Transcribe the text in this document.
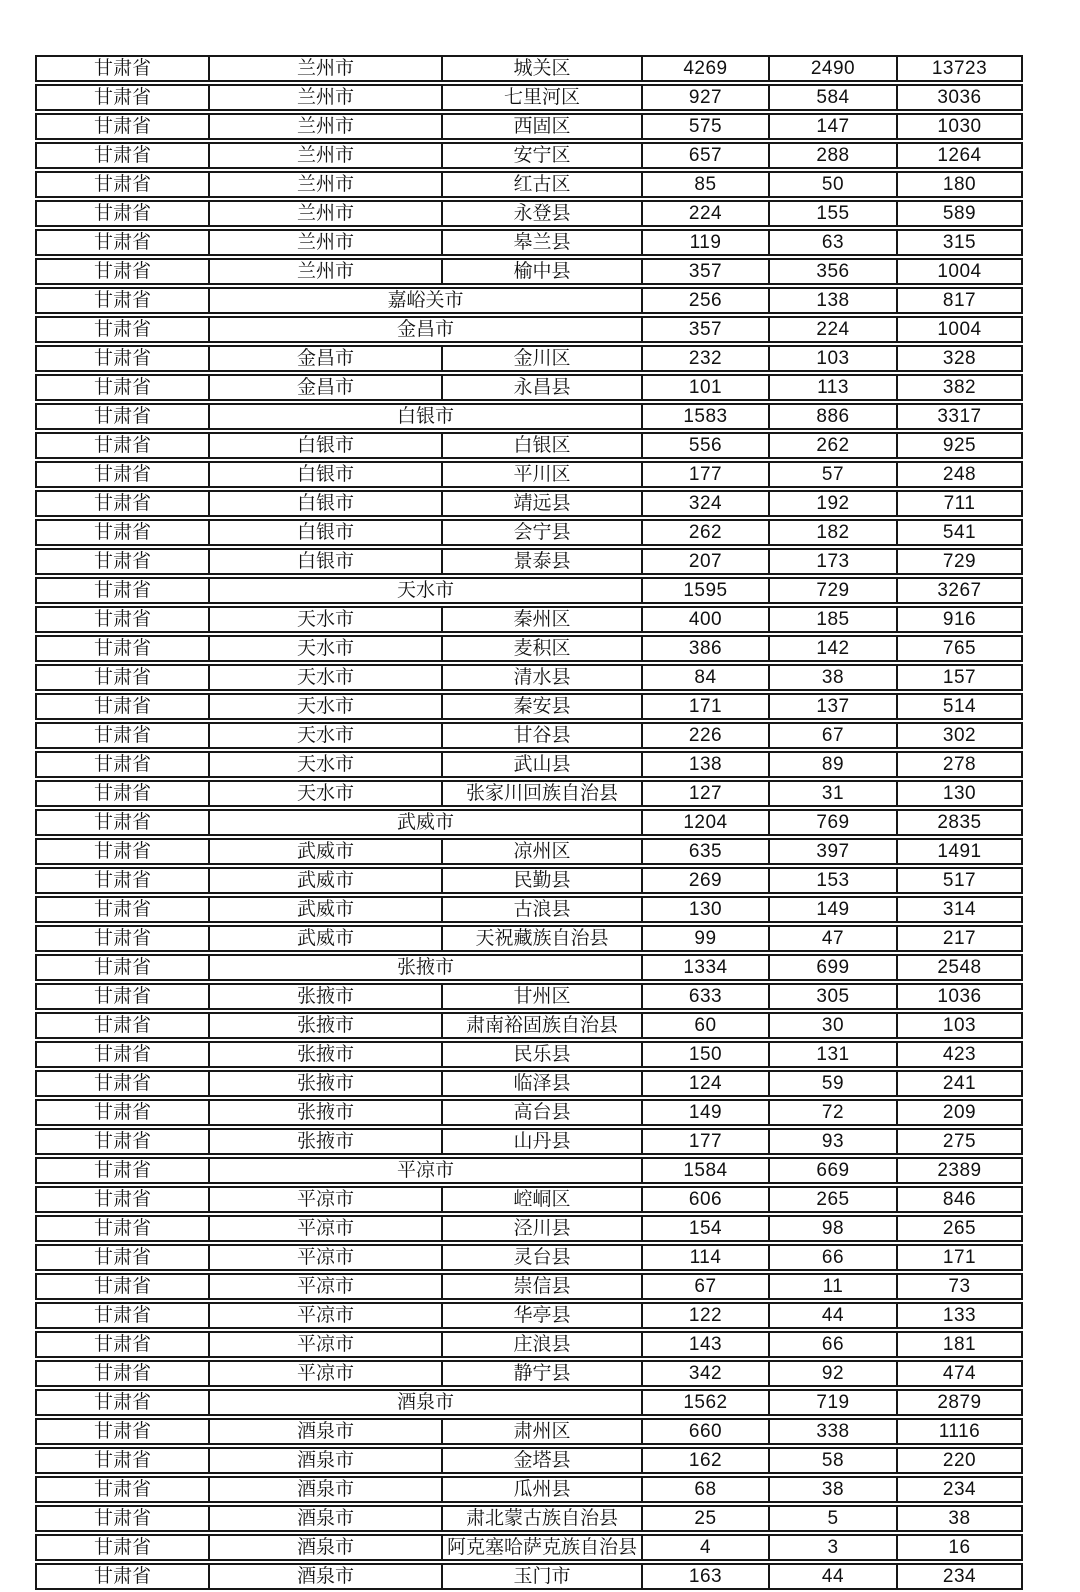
甘肃省	兰州市	城关区	4269	2490	13723
甘肃省	兰州市	七里河区	927	584	3036
甘肃省	兰州市	西固区	575	147	1030
甘肃省	兰州市	安宁区	657	288	1264
甘肃省	兰州市	红古区	85	50	180
甘肃省	兰州市	永登县	224	155	589
甘肃省	兰州市	皋兰县	119	63	315
甘肃省	兰州市	榆中县	357	356	1004
甘肃省	嘉峪关市		256	138	817
甘肃省	金昌市		357	224	1004
甘肃省	金昌市	金川区	232	103	328
甘肃省	金昌市	永昌县	101	113	382
甘肃省	白银市		1583	886	3317
甘肃省	白银市	白银区	556	262	925
甘肃省	白银市	平川区	177	57	248
甘肃省	白银市	靖远县	324	192	711
甘肃省	白银市	会宁县	262	182	541
甘肃省	白银市	景泰县	207	173	729
甘肃省	天水市		1595	729	3267
甘肃省	天水市	秦州区	400	185	916
甘肃省	天水市	麦积区	386	142	765
甘肃省	天水市	清水县	84	38	157
甘肃省	天水市	秦安县	171	137	514
甘肃省	天水市	甘谷县	226	67	302
甘肃省	天水市	武山县	138	89	278
甘肃省	天水市	张家川回族自治县	127	31	130
甘肃省	武威市		1204	769	2835
甘肃省	武威市	凉州区	635	397	1491
甘肃省	武威市	民勤县	269	153	517
甘肃省	武威市	古浪县	130	149	314
甘肃省	武威市	天祝藏族自治县	99	47	217
甘肃省	张掖市		1334	699	2548
甘肃省	张掖市	甘州区	633	305	1036
甘肃省	张掖市	肃南裕固族自治县	60	30	103
甘肃省	张掖市	民乐县	150	131	423
甘肃省	张掖市	临泽县	124	59	241
甘肃省	张掖市	高台县	149	72	209
甘肃省	张掖市	山丹县	177	93	275
甘肃省	平凉市		1584	669	2389
甘肃省	平凉市	崆峒区	606	265	846
甘肃省	平凉市	泾川县	154	98	265
甘肃省	平凉市	灵台县	114	66	171
甘肃省	平凉市	崇信县	67	11	73
甘肃省	平凉市	华亭县	122	44	133
甘肃省	平凉市	庄浪县	143	66	181
甘肃省	平凉市	静宁县	342	92	474
甘肃省	酒泉市		1562	719	2879
甘肃省	酒泉市	肃州区	660	338	1116
甘肃省	酒泉市	金塔县	162	58	220
甘肃省	酒泉市	瓜州县	68	38	234
甘肃省	酒泉市	肃北蒙古族自治县	25	5	38
甘肃省	酒泉市	阿克塞哈萨克族自治县	4	3	16
甘肃省	酒泉市	玉门市	163	44	234
